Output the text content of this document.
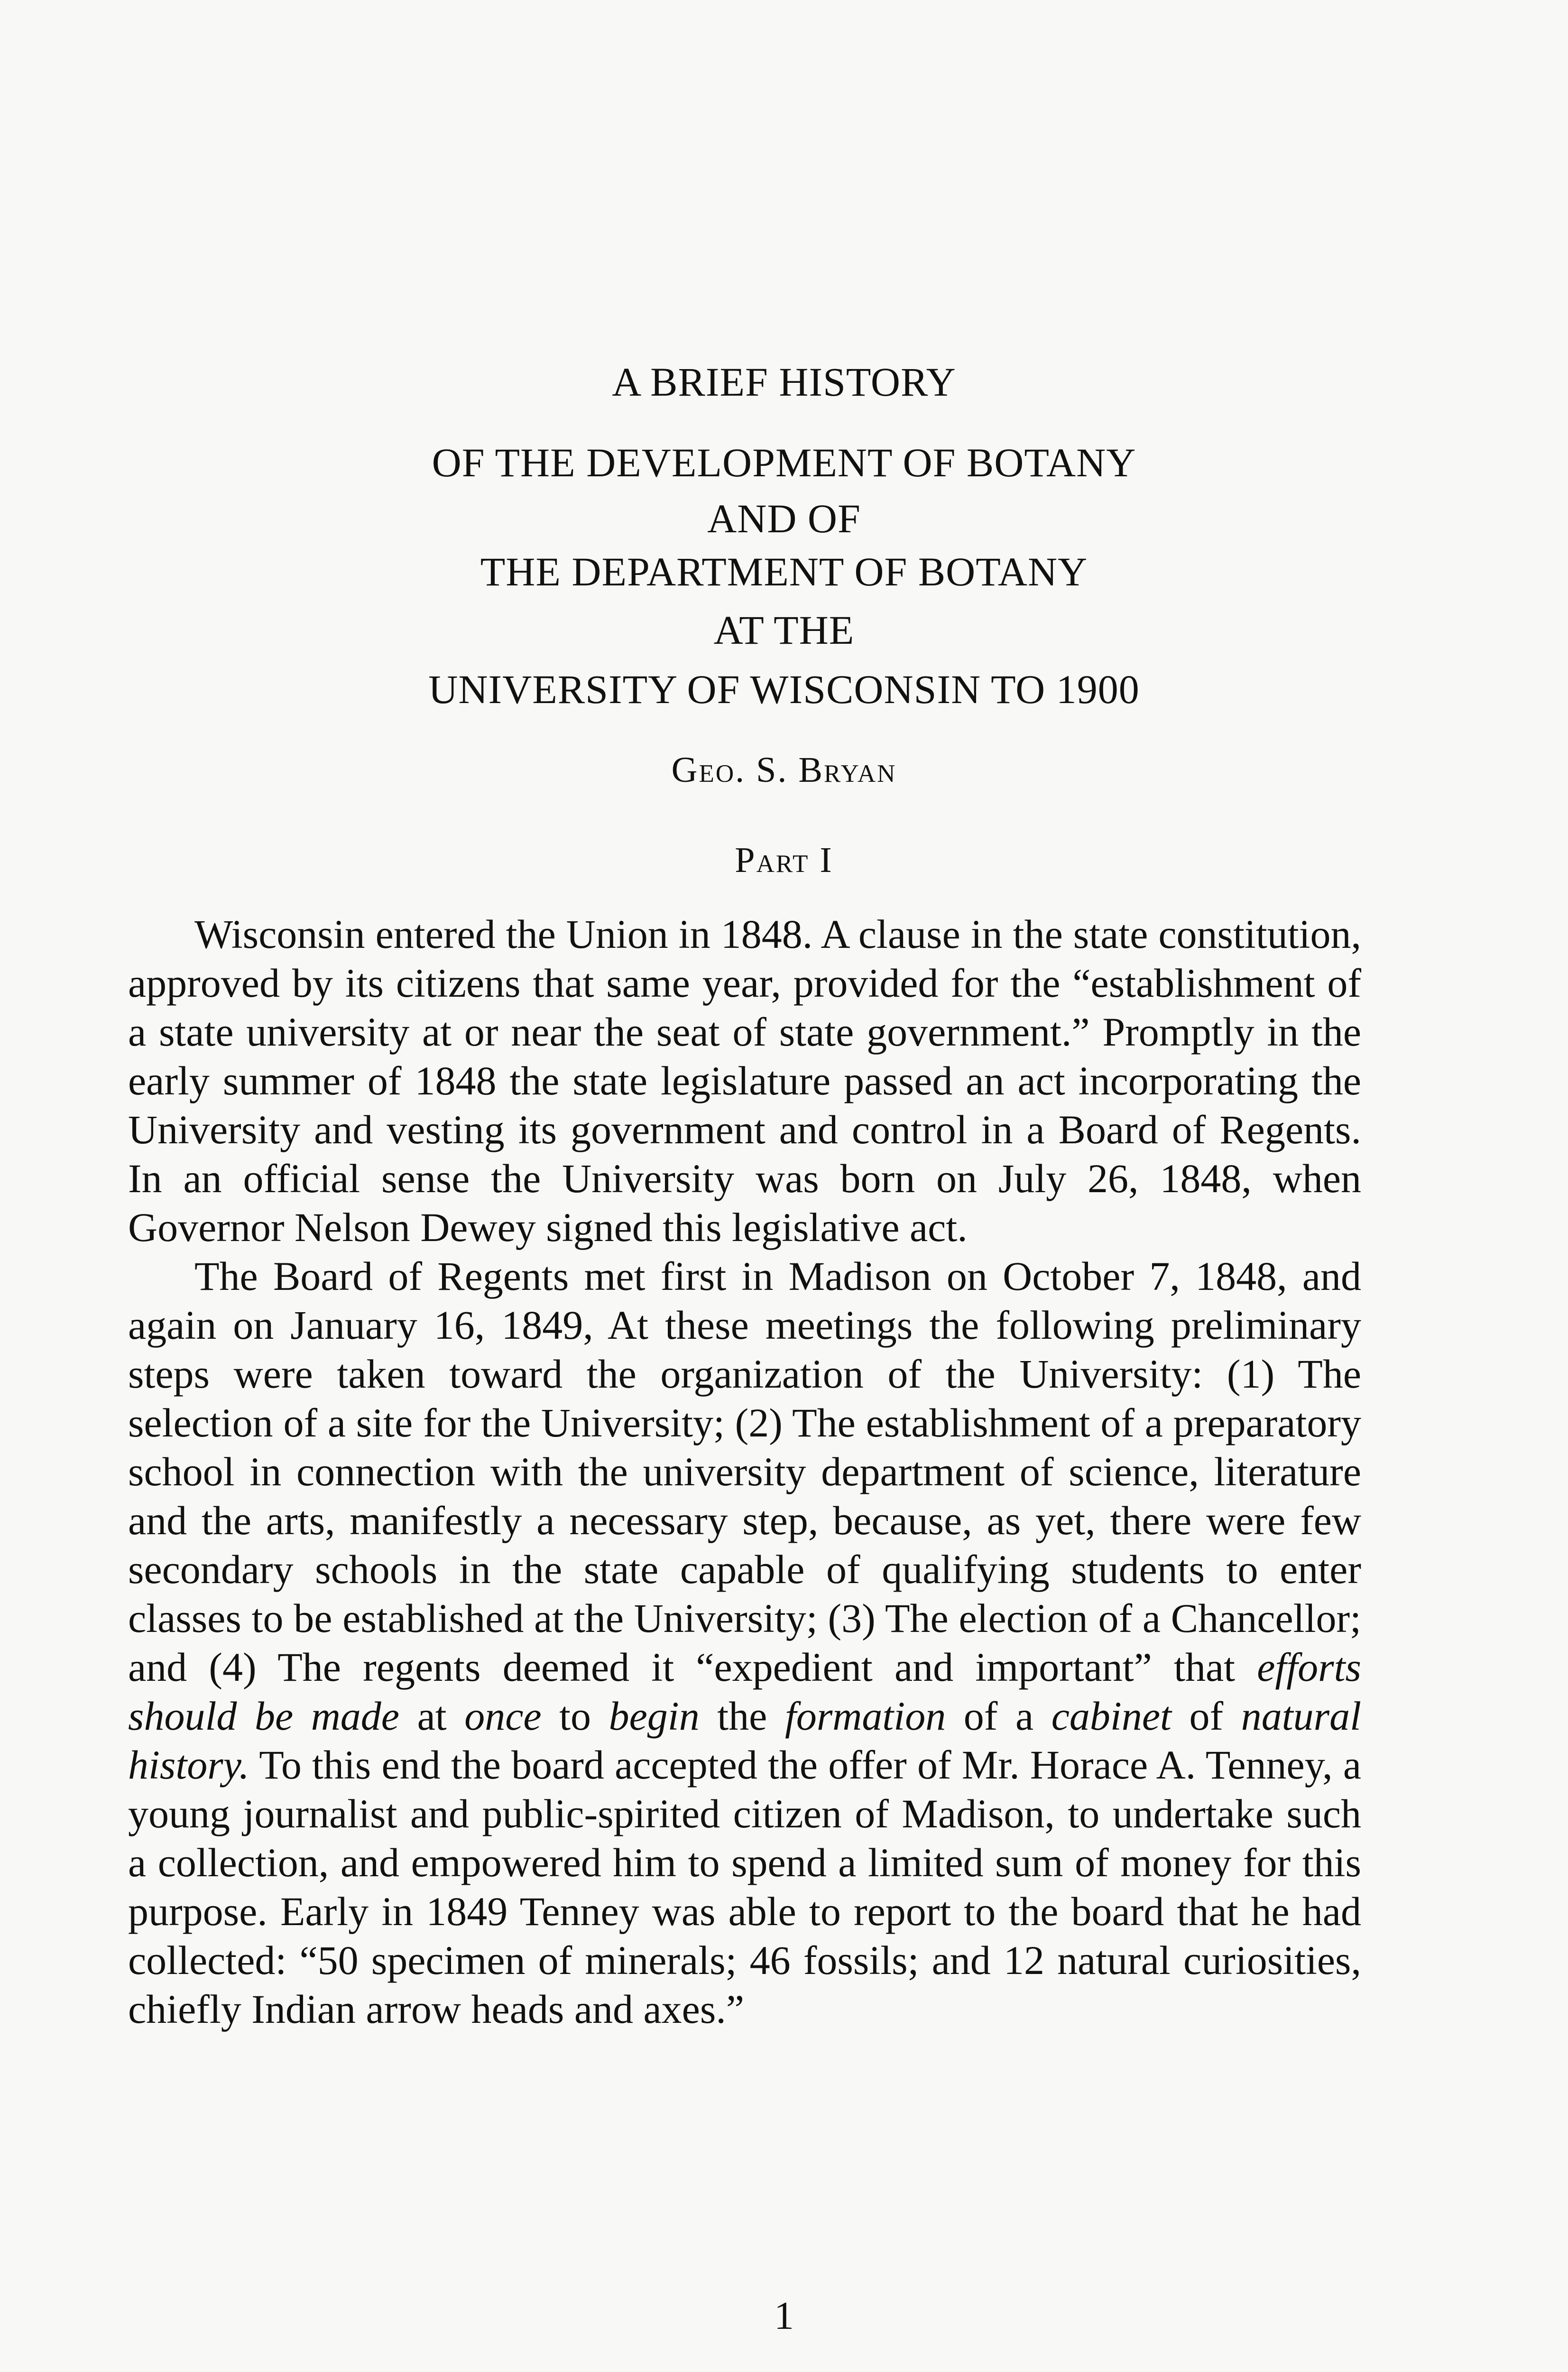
A BRIEF HISTORY
OF THE DEVELOPMENT OF BOTANY
AND OF
THE DEPARTMENT OF BOTANY
AT THE
UNIVERSITY OF WISCONSIN TO 1900
Geo. S. Bryan
Part I

Wisconsin entered the Union in 1848. A clause in the state constitution, approved by its citizens that same year, provided for the “establishment of a state university at or near the seat of state government.” Promptly in the early summer of 1848 the state legislature passed an act incorporating the University and vesting its government and control in a Board of Regents. In an official sense the University was born on July 26, 1848, when Governor Nelson Dewey signed this legislative act.

The Board of Regents met first in Madison on October 7, 1848, and again on January 16, 1849, At these meetings the following preliminary steps were taken toward the organization of the University: (1) The selection of a site for the University; (2) The establishment of a preparatory school in connection with the university department of science, literature and the arts, manifestly a necessary step, because, as yet, there were few secondary schools in the state capable of qualifying students to enter classes to be established at the University; (3) The election of a Chancellor; and (4) The regents deemed it “expedient and important” that efforts should be made at once to begin the formation of a cabinet of natural history. To this end the board accepted the offer of Mr. Horace A. Tenney, a young journalist and public-spirited citizen of Madison, to undertake such a collection, and empowered him to spend a limited sum of money for this purpose. Early in 1849 Tenney was able to report to the board that he had collected: “50 specimen of minerals; 46 fossils; and 12 natural curiosities, chiefly Indian arrow heads and axes.”

1
